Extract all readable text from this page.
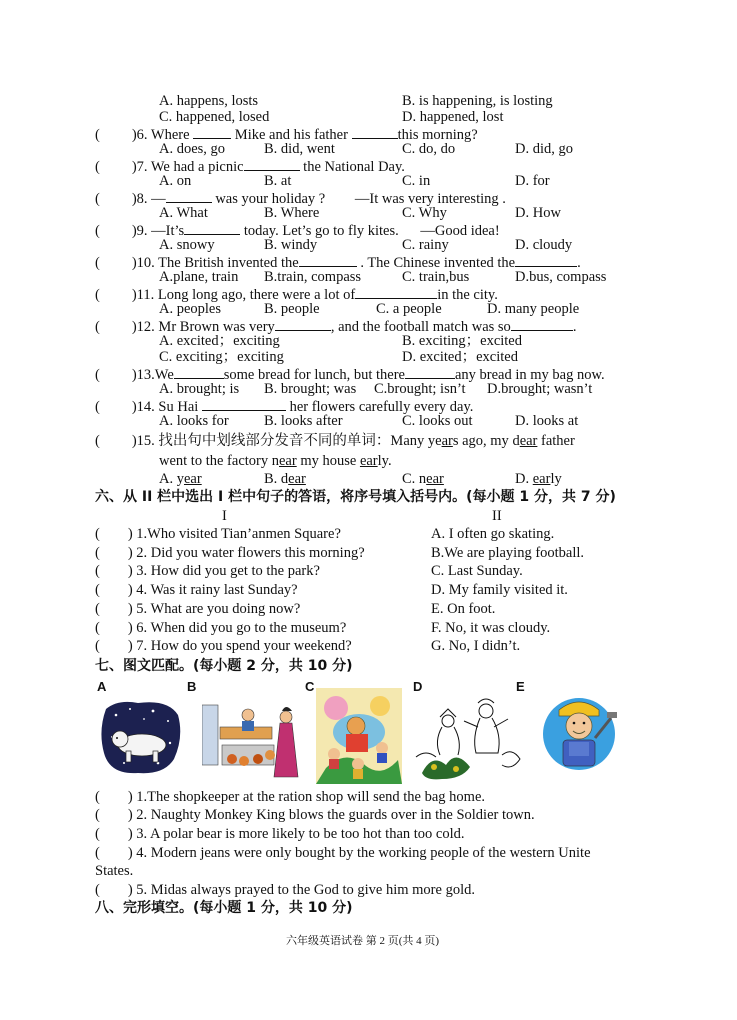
A. happens, losts	B. is happening, is losting
C. happened, losed	D. happened, lost
( )6. Where	Mike and his father	this morning?
A. does, go	B. did, went	C. do, do	D. did, go
( )7. We had a picnic	the National Day.
A. on	B. at	C. in	D. for
( )8. —	was your holiday ? —It was very interesting .
A. What	B. Where	C. Why	D. How
( )9. —It’s	today. Let’s go to fly kites. —Good idea!
A. snowy	B. windy	C. rainy	D. cloudy
( )10. The British invented the	. The Chinese invented the	.
A.plane, train B.train, compass	C. train,bus	D.bus, compass
( )11. Long long ago, there were a lot of	in the city.
A. peoples	B. people	C. a people	D. many people
( )12. Mr Brown was very	, and the football match was so	.
A. excited；exciting	B. exciting；excited
C. exciting；exciting	D. excited；excited
( )13.We	some bread for lunch, but there	any bread in my bag now.
A. brought; is B. brought; was C.brought; isn’t D.brought; wasn’t
( )14. Su Hai	her flowers carefully every day.
A. looks for B. looks after	C. looks out	D. looks at
( )15. 找出句中划线部分发音不同的单词：Many years ago, my dear father
went to the factory near my house early.
A. year	B. dear	C. near	D. early
六、从 II 栏中选出 I 栏中句子的答语，将序号填入括号内。(每小题 1 分，共 7 分)
I	II
( ) 1.Who visited Tian’anmen Square?	A. I often go skating.
( ) 2. Did you water flowers this morning?	B.We are playing football.
( ) 3. How did you get to the park?	C. Last Sunday.
( ) 4. Was it rainy last Sunday?	D. My family visited it.
( ) 5. What are you doing now?	E. On foot.
( ) 6. When did you go to the museum?	F. No, it was cloudy.
( ) 7. How do you spend your weekend?	G. No, I didn’t.
七、图文匹配。(每小题 2 分，共 10 分)
A	B	C	D	E
( ) 1.The shopkeeper at the ration shop will send the bag home.
( ) 2. Naughty Monkey King blows the guards over in the Soldier town.
( ) 3. A polar bear is more likely to be too hot than too cold.
( ) 4. Modern jeans were only bought by the working people of the western Unite
( ) 5. Midas always prayed to the God to give him more gold.
States.
八、完形填空。(每小题 1 分，共 10 分)
六年级英语试卷 第 2 页(共 4 页)
